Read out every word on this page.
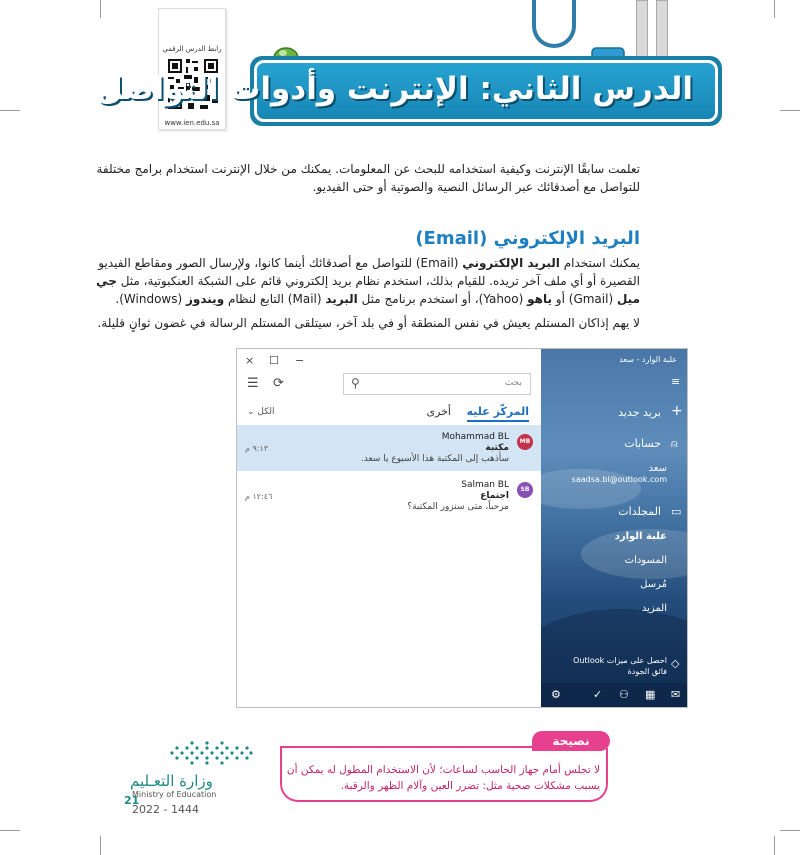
رابط الدرس الرقمي
www.ien.edu.sa
الدرس الثاني: الإنترنت وأدوات التواصل
تعلمت سابقًا الإنترنت وكيفية استخدامه للبحث عن المعلومات. يمكنك من خلال الإنترنت استخدام برامج مختلفة للتواصل مع أصدقائك عبر الرسائل النصية والصوتية أو حتى الفيديو.
البريد الإلكتروني (Email)
يمكنك استخدام البريد الإلكتروني (Email) للتواصل مع أصدقائك أينما كانوا، ولإرسال الصور ومقاطع الفيديو القصيرة أو أي ملف آخر تريده. للقيام بذلك، استخدم نظام بريد إلكتروني قائم على الشبكة العنكبوتية، مثل جي ميل (Gmail) أو ياهو (Yahoo)، أو استخدم برنامج مثل البريد (Mail) التابع لنظام ويندوز (Windows).
لا يهم إذاكان المستلم يعيش في نفس المنطقة أو في بلد آخر، سيتلقى المستلم الرسالة في غضون ثوانٍ قليلة.
× ☐ −
☰ ⟳	بحث
⚲
المركّز عليه
أخرى
⌄ الكل
MB
Mohammad BL
مكتبة
سأذهب إلى المكتبة هذا الأسبوع يا سعد.
٩:١٣ م
SB
Salman BL
اجتماع
مرحباً، متى سنزور المكتبة؟
١٢:٤٦ م
علبة الوارد - سعد
≡
+
بريد جديد
⍝
حسابات
سعد
saadsa.bl@outlook.com
▭
المجلدات
علبة الوارد
المسودات
مُرسل
المزيد
◇
احصل على ميزات Outlook فائق الجودة
✉
▦
⚇
✓
⚙
وزارة التعـليم
Ministry of Education
21
2022 - 1444
نصيحة
لا تجلس أمام جهاز الحاسب لساعات؛ لأن الاستخدام المطول له يمكن أن يسبب مشكلات صحية مثل: تضرر العين وآلام الظهر والرقبة.
